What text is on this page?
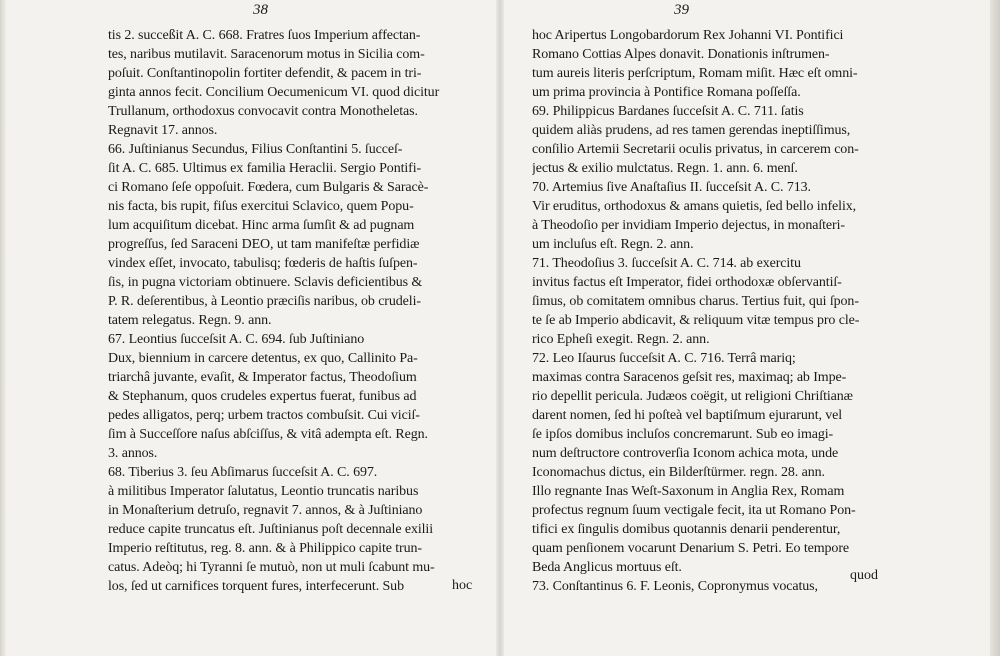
38
tis 2. succeßit A. C. 668. Fratres ſuos Imperium affectan-
tes, naribus mutilavit. Saracenorum motus in Sicilia com-
poſuit. Conſtantinopolin fortiter defendit, & pacem in tri-
ginta annos fecit. Concilium Oecumenicum VI. quod dicitur
Trullanum, orthodoxus convocavit contra Monotheletas.
Regnavit 17. annos.
66. Juſtinianus Secundus, Filius Conſtantini 5. ſucceſ-
ſit A. C. 685. Ultimus ex familia Heraclii. Sergio Pontifi-
ci Romano ſeſe oppoſuit. Fœdera, cum Bulgaris & Saracè-
nis facta, bis rupit, fiſus exercitui Sclavico, quem Popu-
lum acquiſitum dicebat. Hinc arma ſumſit & ad pugnam
progreſſus, ſed Saraceni DEO, ut tam manifeſtæ perfidiæ
vindex eſſet, invocato, tabulisq; fœderis de haſtis ſuſpen-
ſis, in pugna victoriam obtinuere. Sclavis deficientibus &
P. R. deſerentibus, à Leontio præciſis naribus, ob crudeli-
tatem relegatus. Regn. 9. ann.
67. Leontius ſucceſsit A. C. 694. ſub Juſtiniano
Dux, biennium in carcere detentus, ex quo, Callinito Pa-
triarchâ juvante, evaſit, & Imperator factus, Theodoſium
& Stephanum, quos crudeles expertus fuerat, funibus ad
pedes alligatos, perq; urbem tractos combuſsit. Cui viciſ-
ſim à Succeſſore naſus abſciſſus, & vitâ adempta eſt. Regn.
3. annos.
68. Tiberius 3. ſeu Abſimarus ſucceſsit A. C. 697.
à militibus Imperator ſalutatus, Leontio truncatis naribus
in Monaſterium detruſo, regnavit 7. annos, & à Juſtiniano
reduce capite truncatus eſt. Juſtinianus poſt decennale exilii
Imperio reſtitutus, reg. 8. ann. & à Philippico capite trun-
catus. Adeòq; hi Tyranni ſe mutuò, non ut muli ſcabunt mu-
los, ſed ut carnifices torquent fures, interfecerunt. Sub	hoc
39
hoc Aripertus Longobardorum Rex Johanni VI. Pontifici
Romano Cottias Alpes donavit. Donationis inſtrumen-
tum aureis literis perſcriptum, Romam miſit. Hæc eſt omni-
um prima provincia à Pontifice Romana poſſeſſa.
69. Philippicus Bardanes ſucceſsit A. C. 711. ſatis
quidem aliàs prudens, ad res tamen gerendas ineptiſſimus,
conſilio Artemii Secretarii oculis privatus, in carcerem con-
jectus & exilio mulctatus. Regn. 1. ann. 6. menſ.
70. Artemius ſive Anaſtaſius II. ſucceſsit A. C. 713.
Vir eruditus, orthodoxus & amans quietis, ſed bello infelix,
à Theodoſio per invidiam Imperio dejectus, in monaſteri-
um incluſus eſt. Regn. 2. ann.
71. Theodoſius 3. ſucceſsit A. C. 714. ab exercitu
invitus factus eſt Imperator, fidei orthodoxæ obſervantiſ-
ſimus, ob comitatem omnibus charus. Tertius fuit, qui ſpon-
te ſe ab Imperio abdicavit, & reliquum vitæ tempus pro cle-
rico Epheſi exegit. Regn. 2. ann.
72. Leo Iſaurus ſucceſsit A. C. 716. Terrâ mariq;
maximas contra Saracenos geſsit res, maximaq; ab Impe-
rio depellit pericula. Judæos coëgit, ut religioni Chriſtianæ
darent nomen, ſed hi poſteà vel baptiſmum ejurarunt, vel
ſe ipſos domibus incluſos concremarunt. Sub eo imagi-
num deſtructore controverſia Iconom achica mota, unde
Iconomachus dictus, ein Bilderſtürmer. regn. 28. ann.
Illo regnante Inas Weſt-Saxonum in Anglia Rex, Romam
profectus regnum ſuum vectigale fecit, ita ut Romano Pon-
tifici ex ſingulis domibus quotannis denarii penderentur,
quam penſionem vocarunt Denarium S. Petri. Eo tempore
Beda Anglicus mortuus eſt.
73. Conſtantinus 6. F. Leonis, Copronymus vocatus,
quod
